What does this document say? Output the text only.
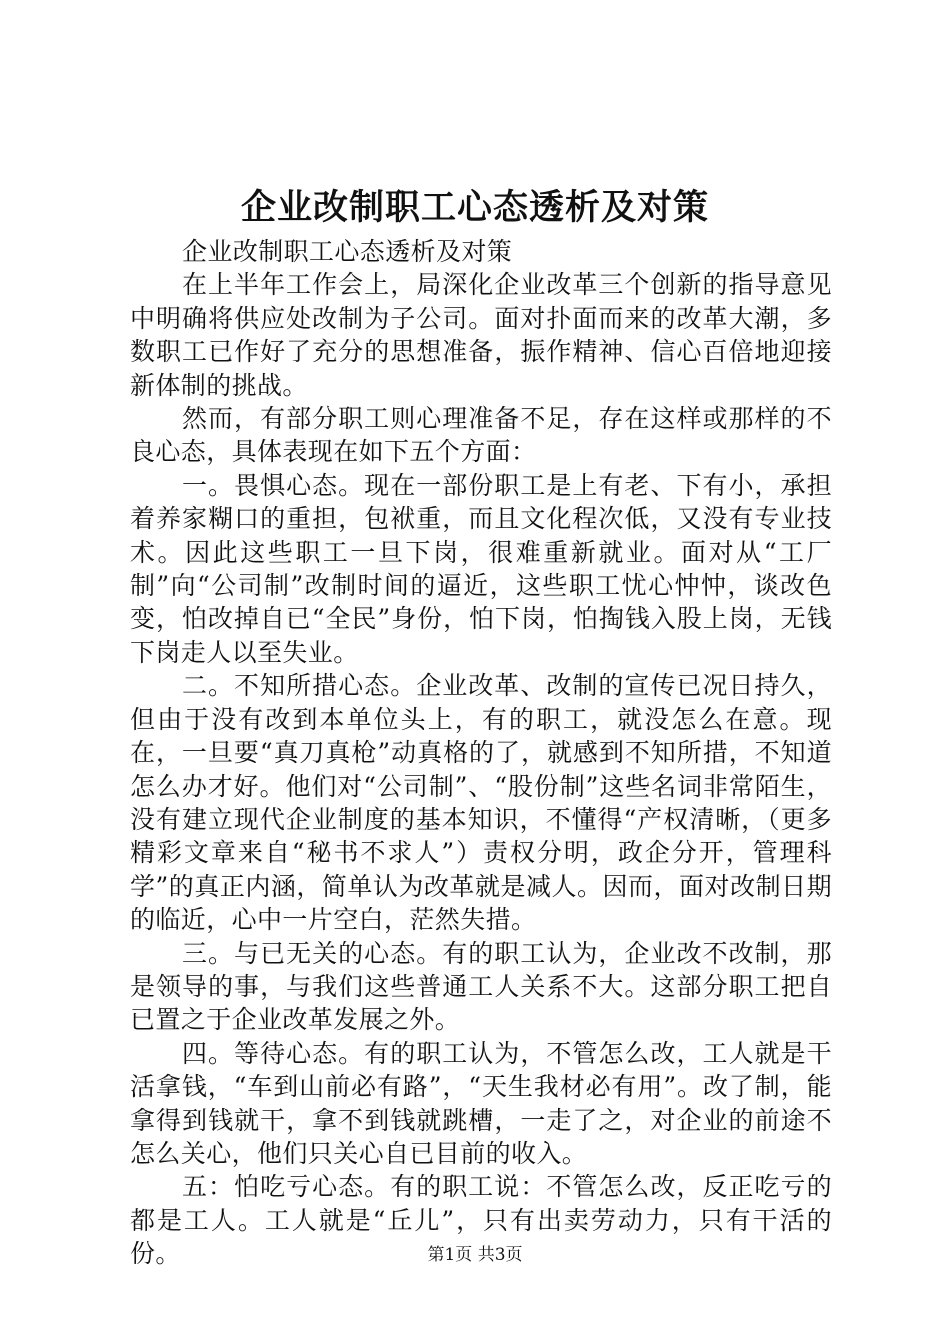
企业改制职工心态透析及对策

企业改制职工心态透析及对策

在上半年工作会上，局深化企业改革三个创新的指导意见中明确将供应处改制为子公司。面对扑面而来的改革大潮，多数职工已作好了充分的思想准备，振作精神、信心百倍地迎接新体制的挑战。

然而，有部分职工则心理准备不足，存在这样或那样的不良心态，具体表现在如下五个方面：

一。畏惧心态。现在一部份职工是上有老、下有小，承担着养家糊口的重担，包袱重，而且文化程次低，又没有专业技术。因此这些职工一旦下岗，很难重新就业。面对从“工厂制”向“公司制”改制时间的逼近，这些职工忧心忡忡，谈改色变，怕改掉自已“全民”身份，怕下岗，怕掏钱入股上岗，无钱下岗走人以至失业。

二。不知所措心态。企业改革、改制的宣传已况日持久，但由于没有改到本单位头上，有的职工，就没怎么在意。现在，一旦要“真刀真枪”动真格的了，就感到不知所措，不知道怎么办才好。他们对“公司制”、“股份制”这些名词非常陌生，没有建立现代企业制度的基本知识，不懂得“产权清晰，（更多精彩文章来自“秘书不求人”）责权分明，政企分开，管理科学”的真正内涵，简单认为改革就是减人。因而，面对改制日期的临近，心中一片空白，茫然失措。

三。与已无关的心态。有的职工认为，企业改不改制，那是领导的事，与我们这些普通工人关系不大。这部分职工把自已置之于企业改革发展之外。

四。等待心态。有的职工认为，不管怎么改，工人就是干活拿钱，“车到山前必有路”，“天生我材必有用”。改了制，能拿得到钱就干，拿不到钱就跳槽，一走了之，对企业的前途不怎么关心，他们只关心自已目前的收入。

五：怕吃亏心态。有的职工说：不管怎么改，反正吃亏的都是工人。工人就是“丘儿”，只有出卖劳动力，只有干活的份。	第1页 共3页
